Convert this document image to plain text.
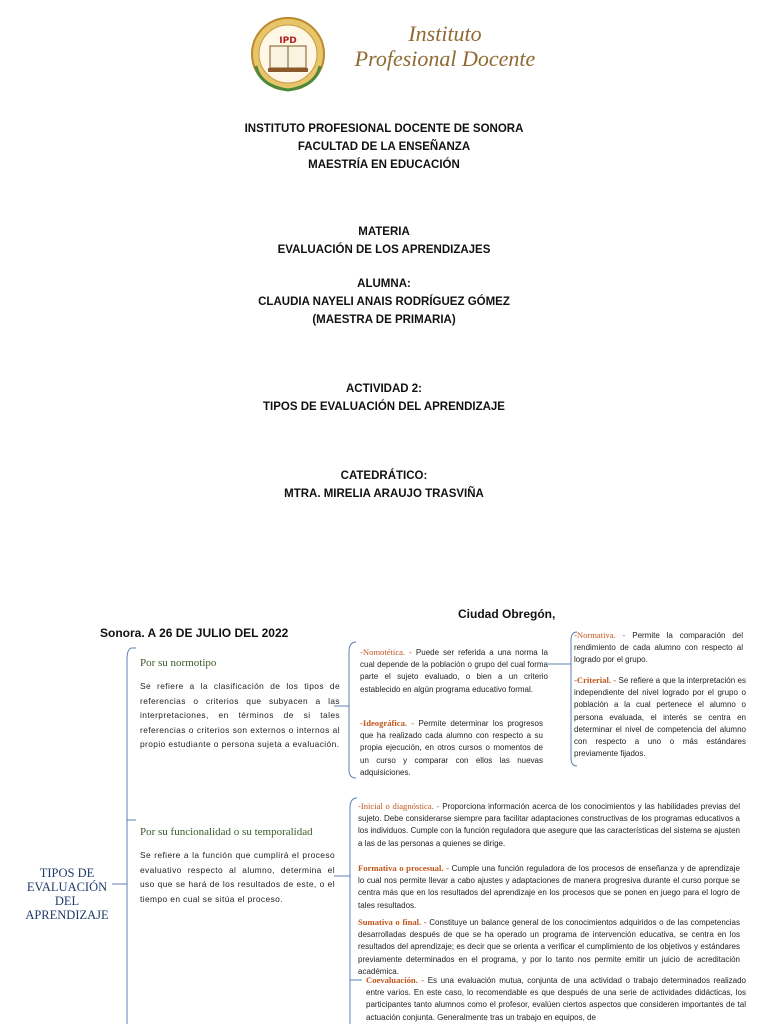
IPD	Instituto
Profesional Docente
INSTITUTO PROFESIONAL DOCENTE DE SONORA
FACULTAD DE LA ENSEÑANZA
MAESTRÍA EN EDUCACIÓN
MATERIA
EVALUACIÓN DE LOS APRENDIZAJES
ALUMNA:
CLAUDIA NAYELI ANAIS RODRÍGUEZ GÓMEZ
(MAESTRA DE PRIMARIA)
ACTIVIDAD 2:
TIPOS DE EVALUACIÓN DEL APRENDIZAJE
CATEDRÁTICO:
MTRA. MIRELIA ARAUJO TRASVIÑA
Ciudad Obregón,
Sonora. A 26 DE JULIO DEL 2022
TIPOS DE
EVALUACIÓN
DEL
APRENDIZAJE
Por su normotipo
Se refiere a la clasificación de los tipos de referencias o criterios que subyacen a las interpretaciones, en términos de si tales referencias o criterios son externos o internos al propio estudiante o persona sujeta a evaluación.
Por su funcionalidad o su temporalidad
Se refiere a la función que cumplirá el proceso evaluativo respecto al alumno, determina el uso que se hará de los resultados de este, o el tiempo en cual se sitúa el proceso.
-Nomotética. - Puede ser referida a una norma la cual depende de la población o grupo del cual forma parte el sujeto evaluado, o bien a un criterio establecido en algún programa educativo formal.
-Ideográfica. - Permite determinar los progresos que ha realizado cada alumno con respecto a su propia ejecución, en otros cursos o momentos de un curso y comparar con ellos las nuevas adquisiciones.
-Normativa. - Permite la comparación del rendimiento de cada alumno con respecto al logrado por el grupo.
-Criterial. - Se refiere a que la interpretación es independiente del nivel logrado por el grupo o población a la cual pertenece el alumno o persona evaluada, el interés se centra en determinar el nivel de competencia del alumno con respecto a uno o más estándares previamente fijados.
-Inicial o diagnóstica. - Proporciona información acerca de los conocimientos y las habilidades previas del sujeto. Debe considerarse siempre para facilitar adaptaciones constructivas de los programas educativos a los individuos. Cumple con la función reguladora que asegure que las características del sistema se ajusten a las de las personas a quienes se dirige.
Formativa o procesual. - Cumple una función reguladora de los procesos de enseñanza y de aprendizaje lo cual nos permite llevar a cabo ajustes y adaptaciones de manera progresiva durante el curso porque se centra más que en los resultados del aprendizaje en los procesos que se ponen en juego para el logro de tales resultados.
Sumativa o final. - Constituye un balance general de los conocimientos adquiridos o de las competencias desarrolladas después de que se ha operado un programa de intervención educativa, se centra en los resultados del aprendizaje; es decir que se orienta a verificar el cumplimiento de los objetivos y estándares previamente determinados en el programa, y por lo tanto nos permite emitir un juicio de acreditación académica.
Coevaluación. - Es una evaluación mutua, conjunta de una actividad o trabajo determinados realizado entre varios. En este caso, lo recomendable es que después de una serie de actividades didácticas, los participantes tanto alumnos como el profesor, evalúen ciertos aspectos que consideren importantes de tal actuación conjunta. Generalmente tras un trabajo en equipos, de
